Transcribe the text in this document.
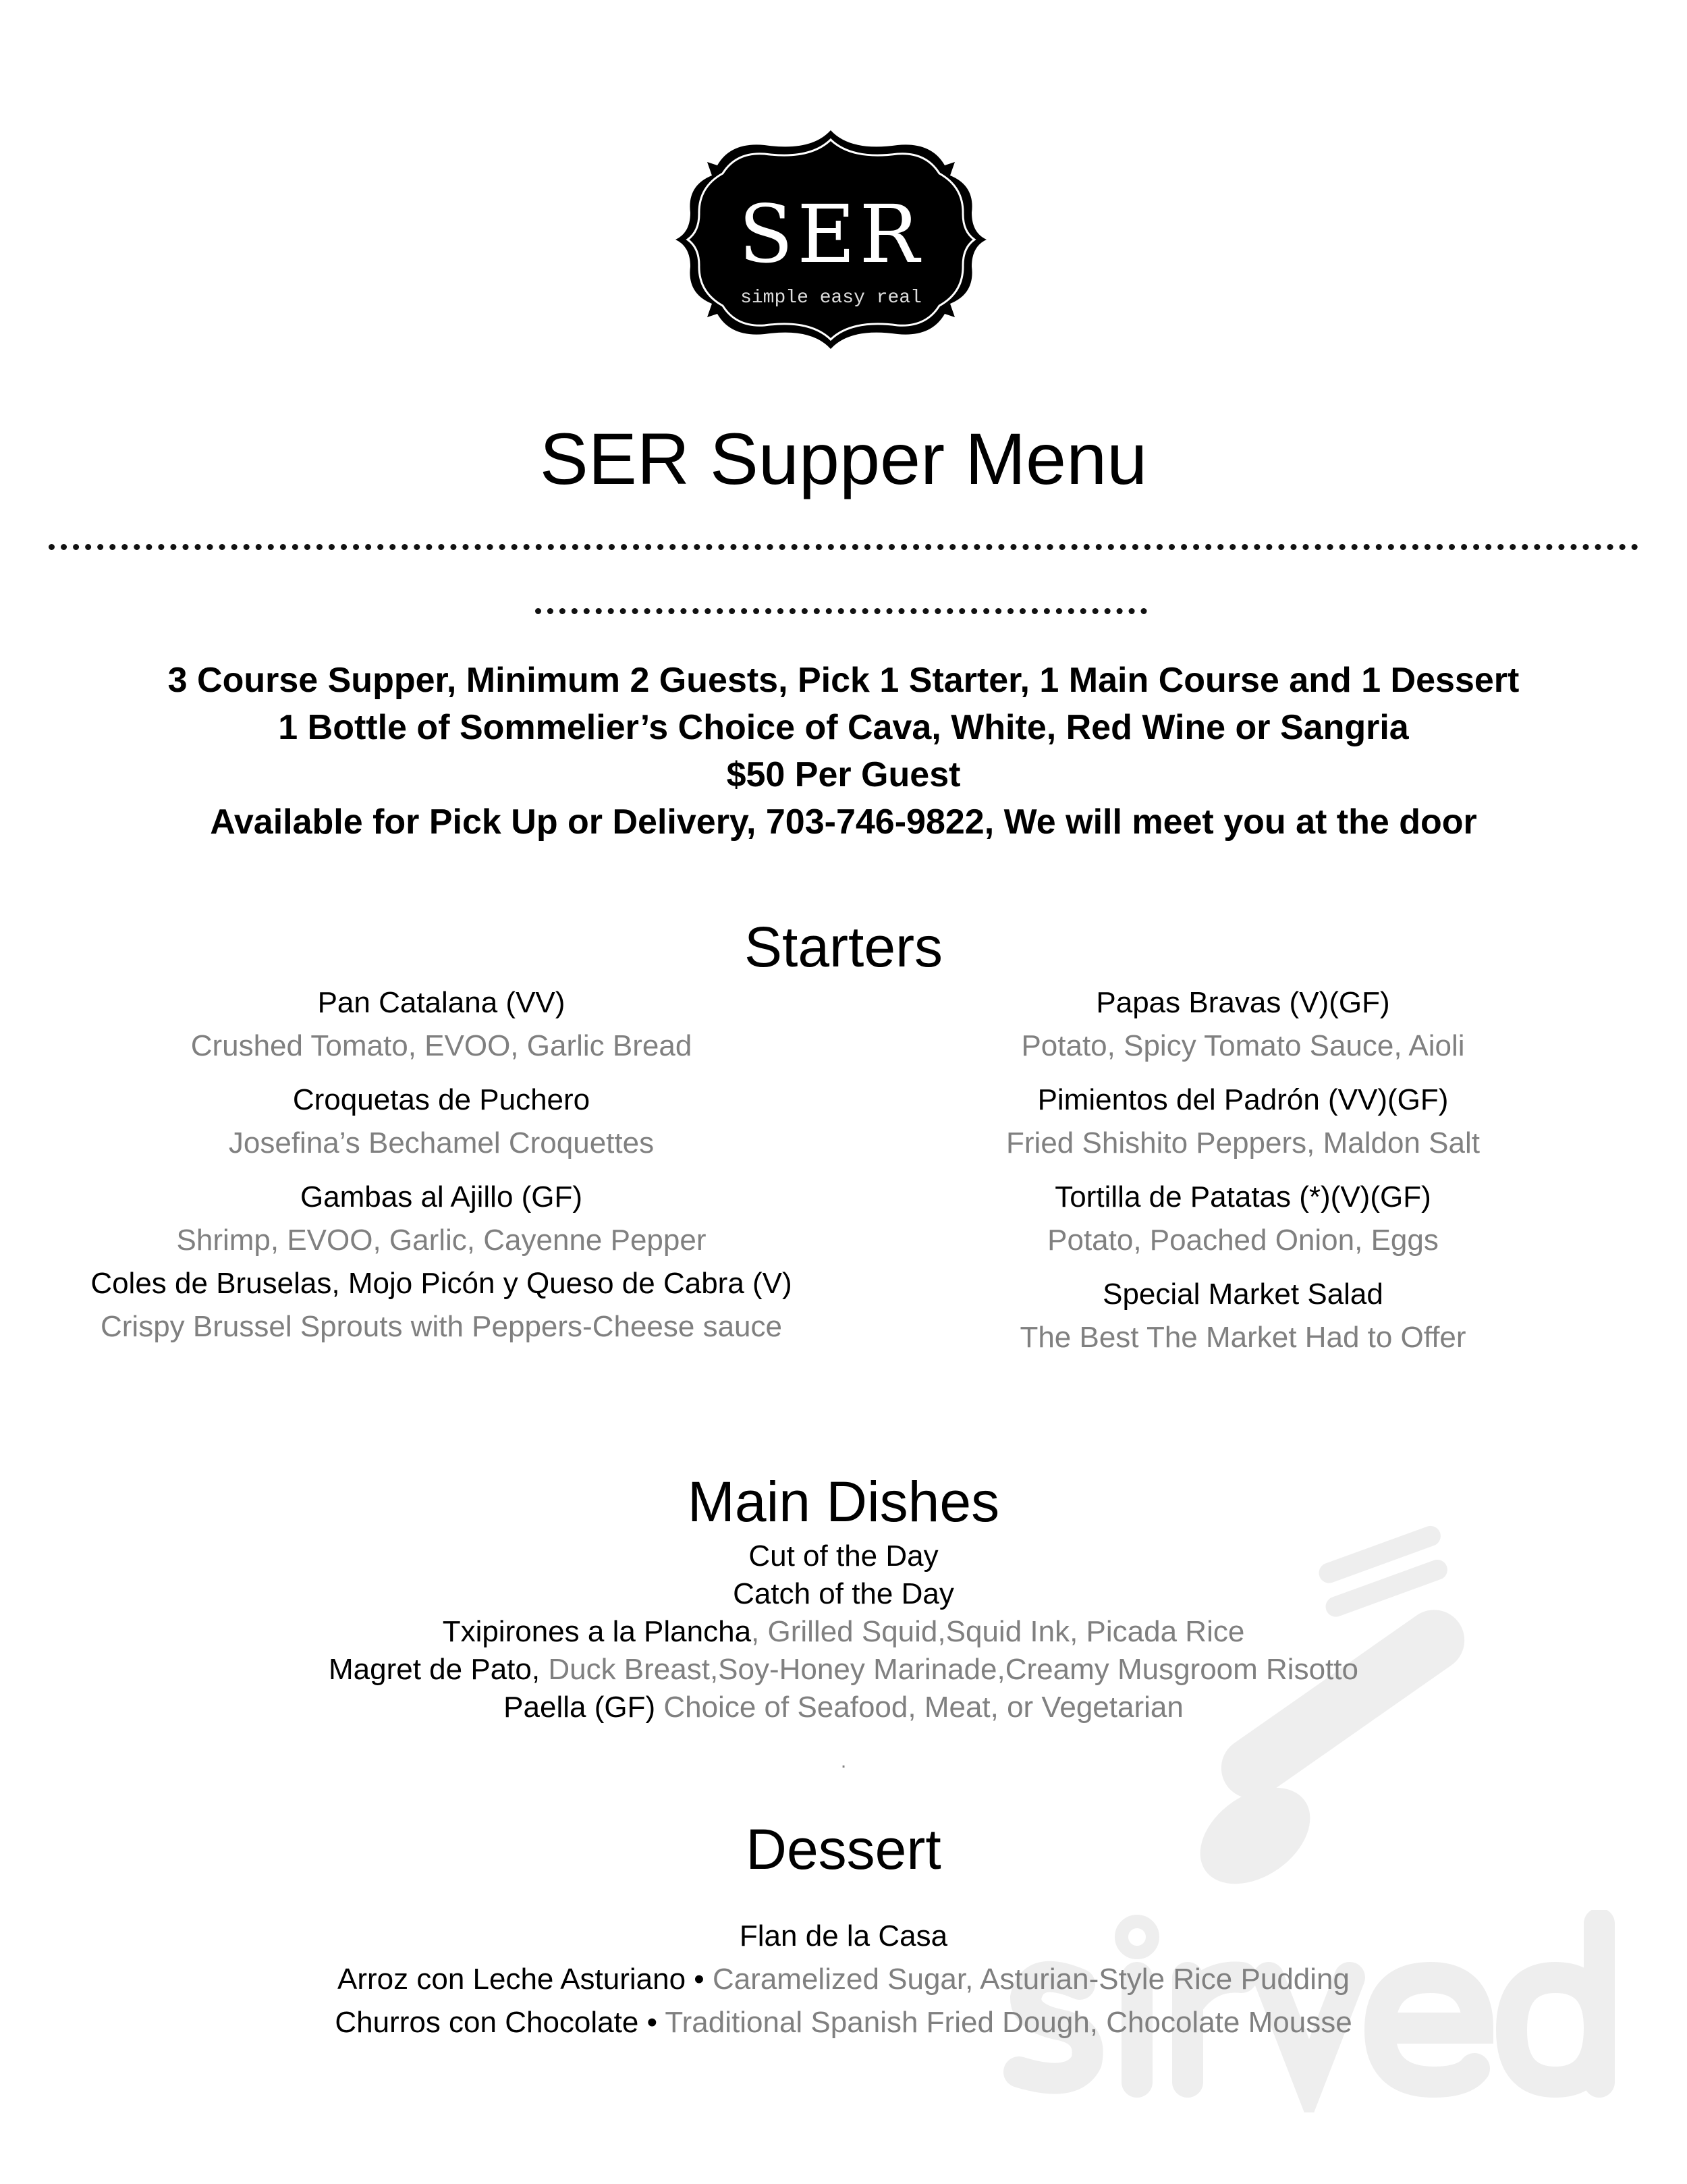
SER
simple easy real
SER Supper Menu
3 Course Supper, Minimum 2 Guests, Pick 1 Starter, 1 Main Course and 1 Dessert
1 Bottle of Sommelier’s Choice of Cava, White, Red Wine or Sangria
$50 Per Guest
Available for Pick Up or Delivery, 703-746-9822, We will meet you at the door
Starters
Pan Catalana (VV)
Crushed Tomato, EVOO, Garlic Bread
Croquetas de Puchero
Josefina’s Bechamel Croquettes
Gambas al Ajillo (GF)
Shrimp, EVOO, Garlic, Cayenne Pepper
Coles de Bruselas, Mojo Picón y Queso de Cabra (V)
Crispy Brussel Sprouts with Peppers-Cheese sauce
Papas Bravas (V)(GF)
Potato, Spicy Tomato Sauce, Aioli
Pimientos del Padrón (VV)(GF)
Fried Shishito Peppers, Maldon Salt
Tortilla de Patatas (*)(V)(GF)
Potato, Poached Onion, Eggs
Special Market Salad
The Best The Market Had to Offer
Main Dishes
Cut of the Day
Catch of the Day
Txipirones a la Plancha, Grilled Squid,Squid Ink, Picada Rice
Magret de Pato, Duck Breast,Soy-Honey Marinade,Creamy Musgroom Risotto
Paella (GF) Choice of Seafood, Meat, or Vegetarian
.
Dessert
Flan de la Casa
Arroz con Leche Asturiano • Caramelized Sugar, Asturian-Style Rice Pudding
Churros con Chocolate • Traditional Spanish Fried Dough, Chocolate Mousse
